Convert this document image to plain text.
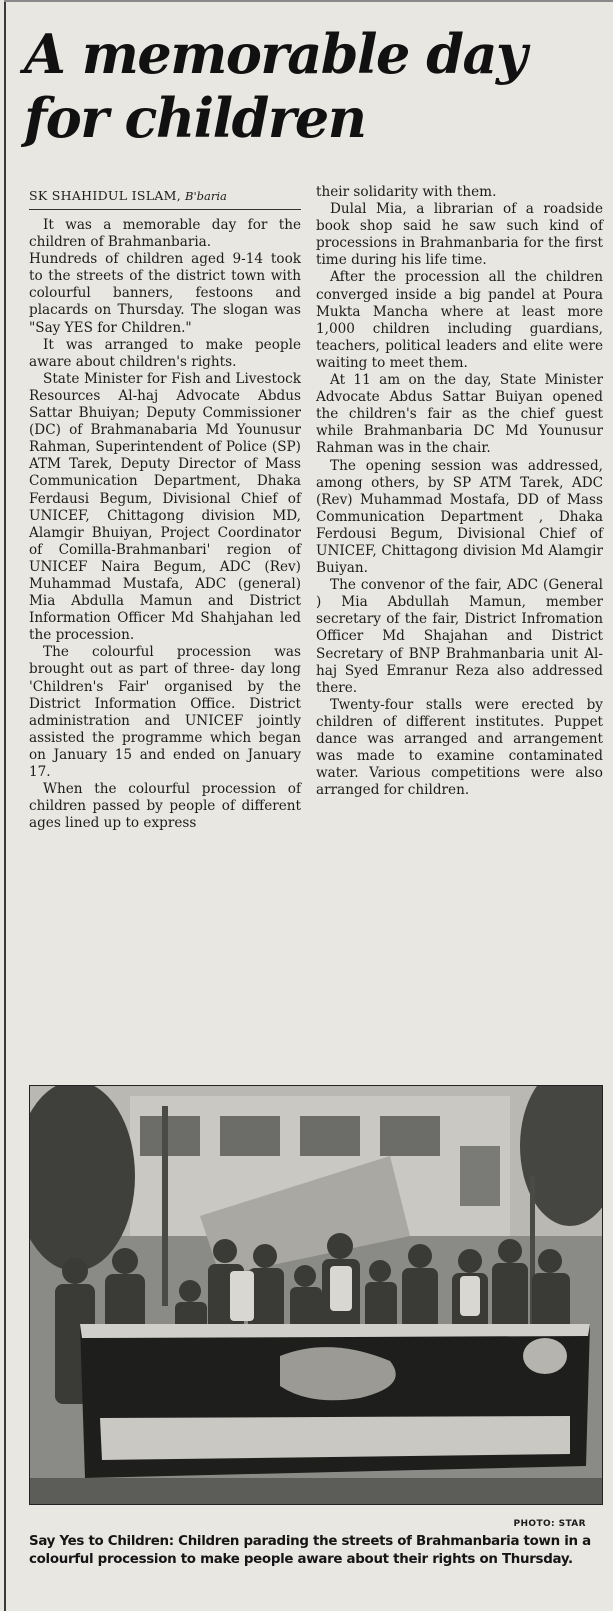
A memorable day
for children
SK SHAHIDUL ISLAM, B'baria

It was a memorable day for the children of Brahmanbaria.

Hundreds of children aged 9-14 took to the streets of the district town with colourful banners, festoons and placards on Thursday. The slogan was "Say YES for Children."

It was arranged to make people aware about children's rights.

State Minister for Fish and Livestock Resources Al-haj Advocate Abdus Sattar Bhuiyan; Deputy Commissioner (DC) of Brahmanabaria Md Younusur Rahman, Superintendent of Police (SP) ATM Tarek, Deputy Director of Mass Communication Department, Dhaka Ferdausi Begum, Divisional Chief of UNICEF, Chittagong division MD, Alamgir Bhuiyan, Project Coordinator of Comilla-Brahmanbari' region of UNICEF Naira Begum, ADC (Rev) Muhammad Mustafa, ADC (general) Mia Abdulla Mamun and District Information Officer Md Shahjahan led the procession.

The colourful procession was brought out as part of three- day long 'Children's Fair' organised by the District Information Office. District administration and UNICEF jointly assisted the programme which began on January 15 and ended on January 17.

When the colourful procession of children passed by people of different ages lined up to express

their solidarity with them.

Dulal Mia, a librarian of a roadside book shop said he saw such kind of processions in Brahmanbaria for the first time during his life time.

After the procession all the children converged inside a big pandel at Poura Mukta Mancha where at least more 1,000 children including guardians, teachers, political leaders and elite were waiting to meet them.

At 11 am on the day, State Minister Advocate Abdus Sattar Buiyan opened the children's fair as the chief guest while Brahmanbaria DC Md Younusur Rahman was in the chair.

The opening session was addressed, among others, by SP ATM Tarek, ADC (Rev) Muhammad Mostafa, DD of Mass Communication Department , Dhaka Ferdousi Begum, Divisional Chief of UNICEF, Chittagong division Md Alamgir Buiyan.

The convenor of the fair, ADC (General ) Mia Abdullah Mamun, member secretary of the fair, District Infromation Officer Md Shajahan and District Secretary of BNP Brahmanbaria unit Al-haj Syed Emranur Reza also addressed there.

Twenty-four stalls were erected by children of different institutes. Puppet dance was arranged and arrangement was made to examine contaminated water. Various competitions were also arranged for children.

PHOTO: STAR
Say Yes to Children: Children parading the streets of Brahmanbaria town in a colourful procession to make people aware about their rights on Thursday.
